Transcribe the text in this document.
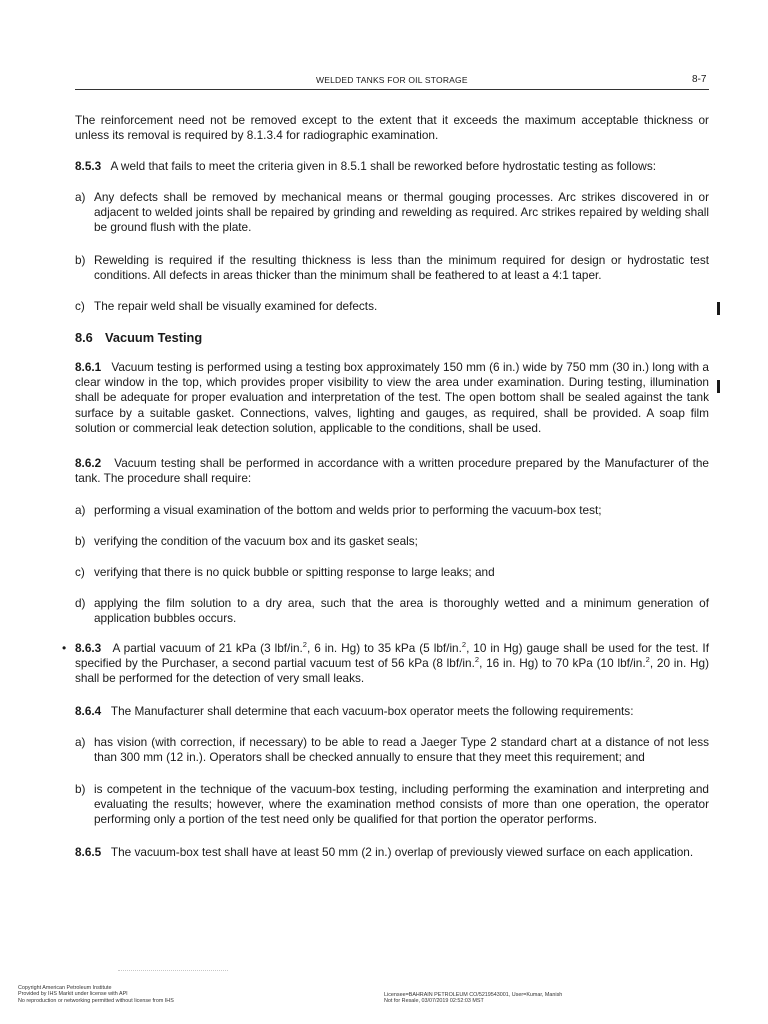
WELDED TANKS FOR OIL STORAGE	8-7
The reinforcement need not be removed except to the extent that it exceeds the maximum acceptable thickness or unless its removal is required by 8.1.3.4 for radiographic examination.
8.5.3 A weld that fails to meet the criteria given in 8.5.1 shall be reworked before hydrostatic testing as follows:
a) Any defects shall be removed by mechanical means or thermal gouging processes. Arc strikes discovered in or adjacent to welded joints shall be repaired by grinding and rewelding as required. Arc strikes repaired by welding shall be ground flush with the plate.
b) Rewelding is required if the resulting thickness is less than the minimum required for design or hydrostatic test conditions. All defects in areas thicker than the minimum shall be feathered to at least a 4:1 taper.
c) The repair weld shall be visually examined for defects.
8.6 Vacuum Testing
8.6.1 Vacuum testing is performed using a testing box approximately 150 mm (6 in.) wide by 750 mm (30 in.) long with a clear window in the top, which provides proper visibility to view the area under examination. During testing, illumination shall be adequate for proper evaluation and interpretation of the test. The open bottom shall be sealed against the tank surface by a suitable gasket. Connections, valves, lighting and gauges, as required, shall be provided. A soap film solution or commercial leak detection solution, applicable to the conditions, shall be used.
8.6.2 Vacuum testing shall be performed in accordance with a written procedure prepared by the Manufacturer of the tank. The procedure shall require:
a) performing a visual examination of the bottom and welds prior to performing the vacuum-box test;
b) verifying the condition of the vacuum box and its gasket seals;
c) verifying that there is no quick bubble or spitting response to large leaks; and
d) applying the film solution to a dry area, such that the area is thoroughly wetted and a minimum generation of application bubbles occurs.
• 8.6.3 A partial vacuum of 21 kPa (3 lbf/in.$^2$, 6 in. Hg) to 35 kPa (5 lbf/in.$^2$, 10 in Hg) gauge shall be used for the test. If specified by the Purchaser, a second partial vacuum test of 56 kPa (8 lbf/in.$^2$, 16 in. Hg) to 70 kPa (10 lbf/in.$^2$, 20 in. Hg) shall be performed for the detection of very small leaks.
8.6.4 The Manufacturer shall determine that each vacuum-box operator meets the following requirements:
a) has vision (with correction, if necessary) to be able to read a Jaeger Type 2 standard chart at a distance of not less than 300 mm (12 in.). Operators shall be checked annually to ensure that they meet this requirement; and
b) is competent in the technique of the vacuum-box testing, including performing the examination and interpreting and evaluating the results; however, where the examination method consists of more than one operation, the operator performing only a portion of the test need only be qualified for that portion the operator performs.
8.6.5 The vacuum-box test shall have at least 50 mm (2 in.) overlap of previously viewed surface on each application.
Copyright American Petroleum Institute
Provided by IHS Markit under license with API
No reproduction or networking permitted without license from IHS
Licensee=BAHRAIN PETROLEUM CO/5219543001, User=Kumar, Manish
Not for Resale, 03/07/2019 02:52:03 MST
